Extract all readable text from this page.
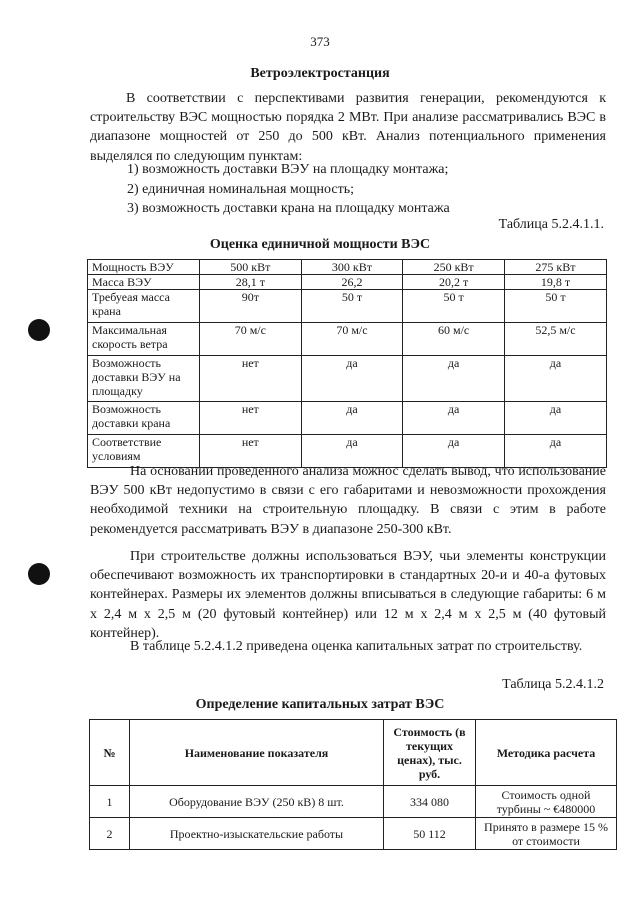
373
Ветроэлектростанция
В соответствии с перспективами развития генерации, рекомендуются к строительству ВЭС мощностью порядка 2 МВт. При анализе рассматривались ВЭС в диапазоне мощностей от 250 до 500 кВт. Анализ потенциального применения выделялся по следующим пунктам:
1) возможность доставки ВЭУ на площадку монтажа;
2) единичная номинальная мощность;
3) возможность доставки крана на площадку монтажа
Таблица 5.2.4.1.1.
Оценка единичной мощности ВЭС
Мощность ВЭУ	500 кВт	300 кВт	250 кВт	275 кВт
Масса ВЭУ	28,1 т	26,2	20,2 т	19,8 т
Требуеая масса крана	90т	50 т	50 т	50 т
Максимальная скорость ветра	70 м/с	70 м/с	60 м/с	52,5 м/с
Возможность доставки ВЭУ на площадку	нет	да	да	да
Возможность доставки крана	нет	да	да	да
Соответствие условиям	нет	да	да	да
На основании проведенного анализа можнос сделать вывод, что использование ВЭУ 500 кВт недопустимо в связи с его габаритами и невозможности прохождения необходимой техники на строительную площадку. В связи с этим в работе рекомендуется рассматривать ВЭУ в диапазоне 250-300 кВт.
При строительстве должны использоваться ВЭУ, чьи элементы конструкции обеспечивают возможность их транспортировки в стандартных 20-и и 40-а футовых контейнерах. Размеры их элементов должны вписываться в следующие габариты: 6 м х 2,4 м х 2,5 м (20 футовый контейнер) или 12 м х 2,4 м х 2,5 м (40 футовый контейнер).
В таблице 5.2.4.1.2 приведена оценка капитальных затрат по строительству.
Таблица 5.2.4.1.2
Определение капитальных затрат ВЭС
№	Наименование показателя	Стоимость (в текущих ценах), тыс. руб.	Методика расчета
1	Оборудование ВЭУ (250 кВ) 8 шт.	334 080	Стоимость одной турбины ~ €480000
2	Проектно-изыскательские работы	50 112	Принято в размере 15 % от стоимости
